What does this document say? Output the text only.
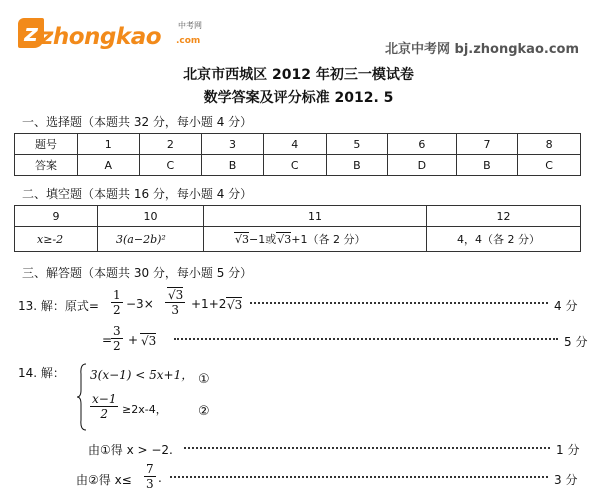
z zhongkao 中考网
.com
北京中考网 bj.zhongkao.com
北京市西城区 2012 年初三一模试卷
数学答案及评分标准 2012. 5
一、选择题（本题共 32 分，每小题 4 分）
题号	1	2	3	4	5	6	7	8
答案	A	C	B	C	B	D	B	C
二、填空题（本题共 16 分，每小题 4 分）
9	10	11	12
x≥-2	3(a−2b)²	√3−1或√3+1（各 2 分）	4，4（各 2 分）
三、解答题（本题共 30 分，每小题 5 分）
13. 解：原式= $\frac{1}{2} -3\times \frac{√3}{3} +1+2$ √3	4 分
=
$\frac{3}{2} + √3$	5 分
14. 解： 3(x−1) < 5x+1，
$\frac{x-1}{2} \ge 2x-4$，
①
②
由①得 x > −2.	1 分
由②得 $x\le \frac{7}{3}$ .	3 分
